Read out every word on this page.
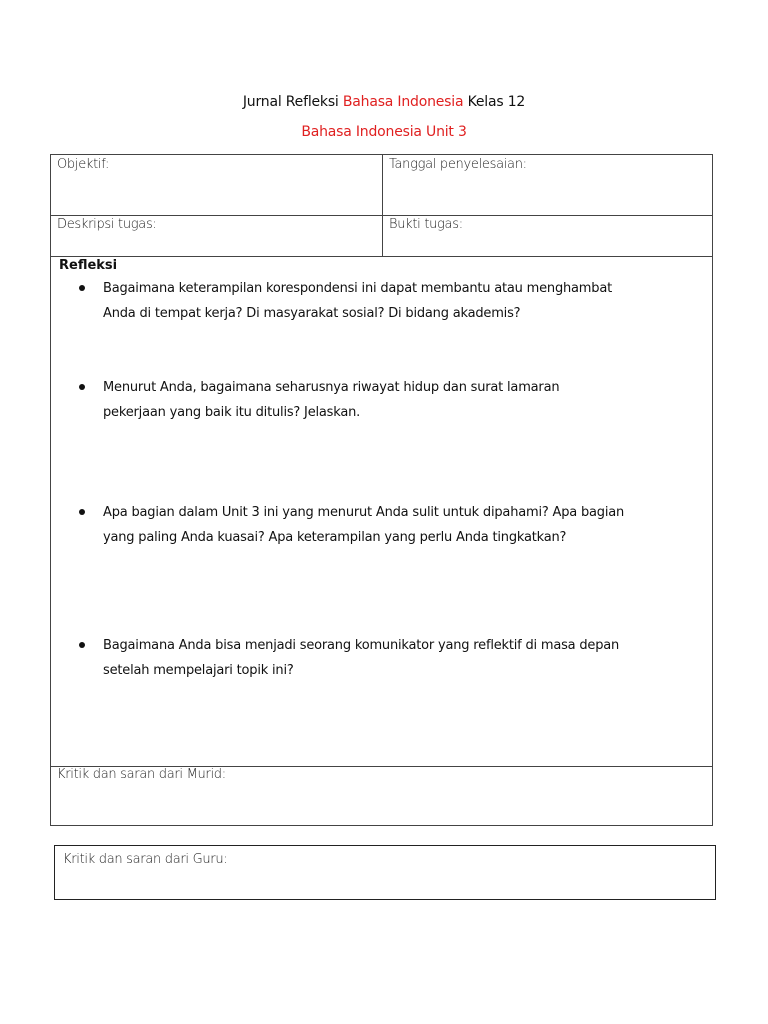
Jurnal Refleksi Bahasa Indonesia Kelas 12
Bahasa Indonesia Unit 3
Objektif:	Tanggal penyelesaian:
Deskripsi tugas:	Bukti tugas:
Refleksi
Bagaimana keterampilan korespondensi ini dapat membantu atau menghambat
Anda di tempat kerja? Di masyarakat sosial? Di bidang akademis?
Menurut Anda, bagaimana seharusnya riwayat hidup dan surat lamaran
pekerjaan yang baik itu ditulis? Jelaskan.
Apa bagian dalam Unit 3 ini yang menurut Anda sulit untuk dipahami? Apa bagian
yang paling Anda kuasai? Apa keterampilan yang perlu Anda tingkatkan?
Bagaimana Anda bisa menjadi seorang komunikator yang reflektif di masa depan
setelah mempelajari topik ini?
Kritik dan saran dari Murid:
Kritik dan saran dari Guru:
